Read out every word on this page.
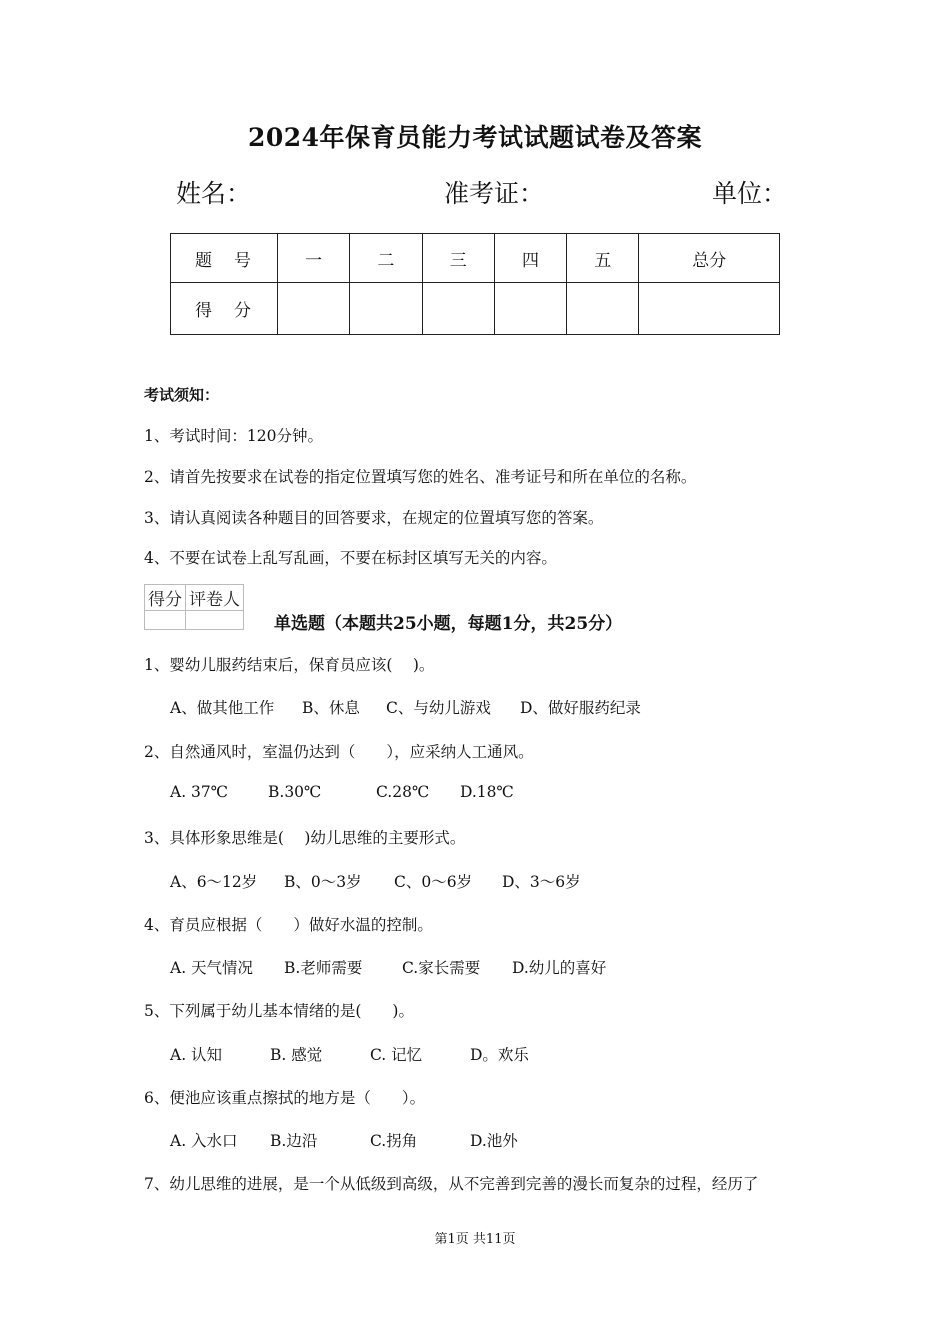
2024年保育员能力考试试题试卷及答案
姓名：	准考证：	单位：
题号	一	二	三	四	五	总分
得分						
考试须知：
1、考试时间：120分钟。
2、请首先按要求在试卷的指定位置填写您的姓名、准考证号和所在单位的名称。
3、请认真阅读各种题目的回答要求，在规定的位置填写您的答案。
4、不要在试卷上乱写乱画，不要在标封区填写无关的内容。
得分	评卷人

单选题（本题共25小题，每题1分，共25分）
1、婴幼儿服药结束后，保育员应该(　 )。
A、做其他工作 B、休息 C、与幼儿游戏 D、做好服药纪录
2、自然通风时，室温仍达到（　　），应采纳人工通风。
A. 37℃	B.30℃	C.28℃ D.18℃
3、具体形象思维是(　 )幼儿思维的主要形式。
A、6～12岁 B、0～3岁 C、0～6岁 D、3～6岁
4、育员应根据（　　）做好水温的控制。
A. 天气情况 B.老师需要	C.家长需要 D.幼儿的喜好
5、下列属于幼儿基本情绪的是(　　)。
A. 认知	B. 感觉	C. 记忆	D。欢乐
6、便池应该重点擦拭的地方是（　　）。
A. 入水口 B.边沿	C.拐角	D.池外
7、幼儿思维的进展，是一个从低级到高级，从不完善到完善的漫长而复杂的过程，经历了
第1页 共11页
